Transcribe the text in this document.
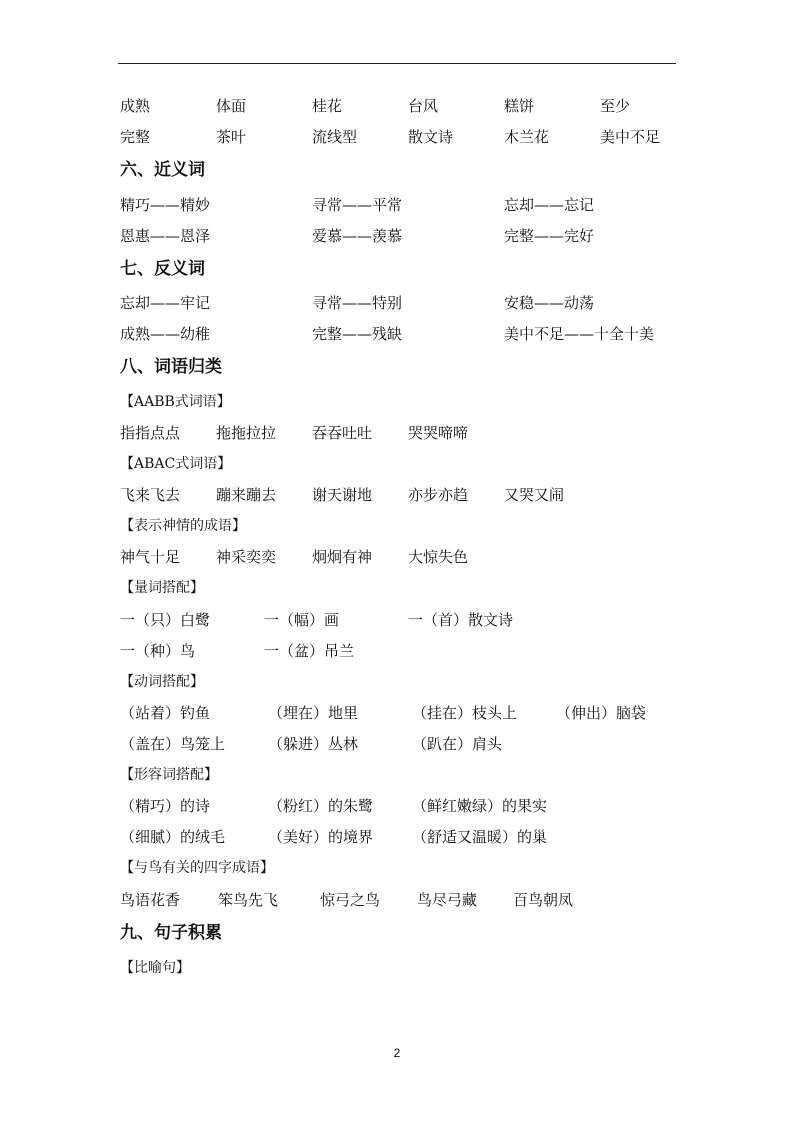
成熟	体面	桂花	台风	糕饼	至少
完整	茶叶	流线型	散文诗	木兰花	美中不足
六、近义词
精巧——精妙	寻常——平常	忘却——忘记
恩惠——恩泽	爱慕——羡慕	完整——完好
七、反义词
忘却——牢记	寻常——特别	安稳——动荡
成熟——幼稚	完整——残缺	美中不足——十全十美
八、词语归类
【AABB式词语】
指指点点 拖拖拉拉 吞吞吐吐 哭哭啼啼
【ABAC式词语】
飞来飞去 蹦来蹦去 谢天谢地 亦步亦趋 又哭又闹
【表示神情的成语】
神气十足 神采奕奕 炯炯有神 大惊失色
【量词搭配】
一（只）白鹭	一（幅）画	一（首）散文诗
一（种）鸟	一（盆）吊兰
【动词搭配】
（站着）钓鱼	（埋在）地里	（挂在）枝头上	（伸出）脑袋
（盖在）鸟笼上	（躲进）丛林	（趴在）肩头
【形容词搭配】
（精巧）的诗	（粉红）的朱鹭	（鲜红嫩绿）的果实
（细腻）的绒毛	（美好）的境界	（舒适又温暖）的巢
【与鸟有关的四字成语】
鸟语花香	笨鸟先飞	惊弓之鸟 鸟尽弓藏 百鸟朝凤
九、句子积累
【比喻句】
2
